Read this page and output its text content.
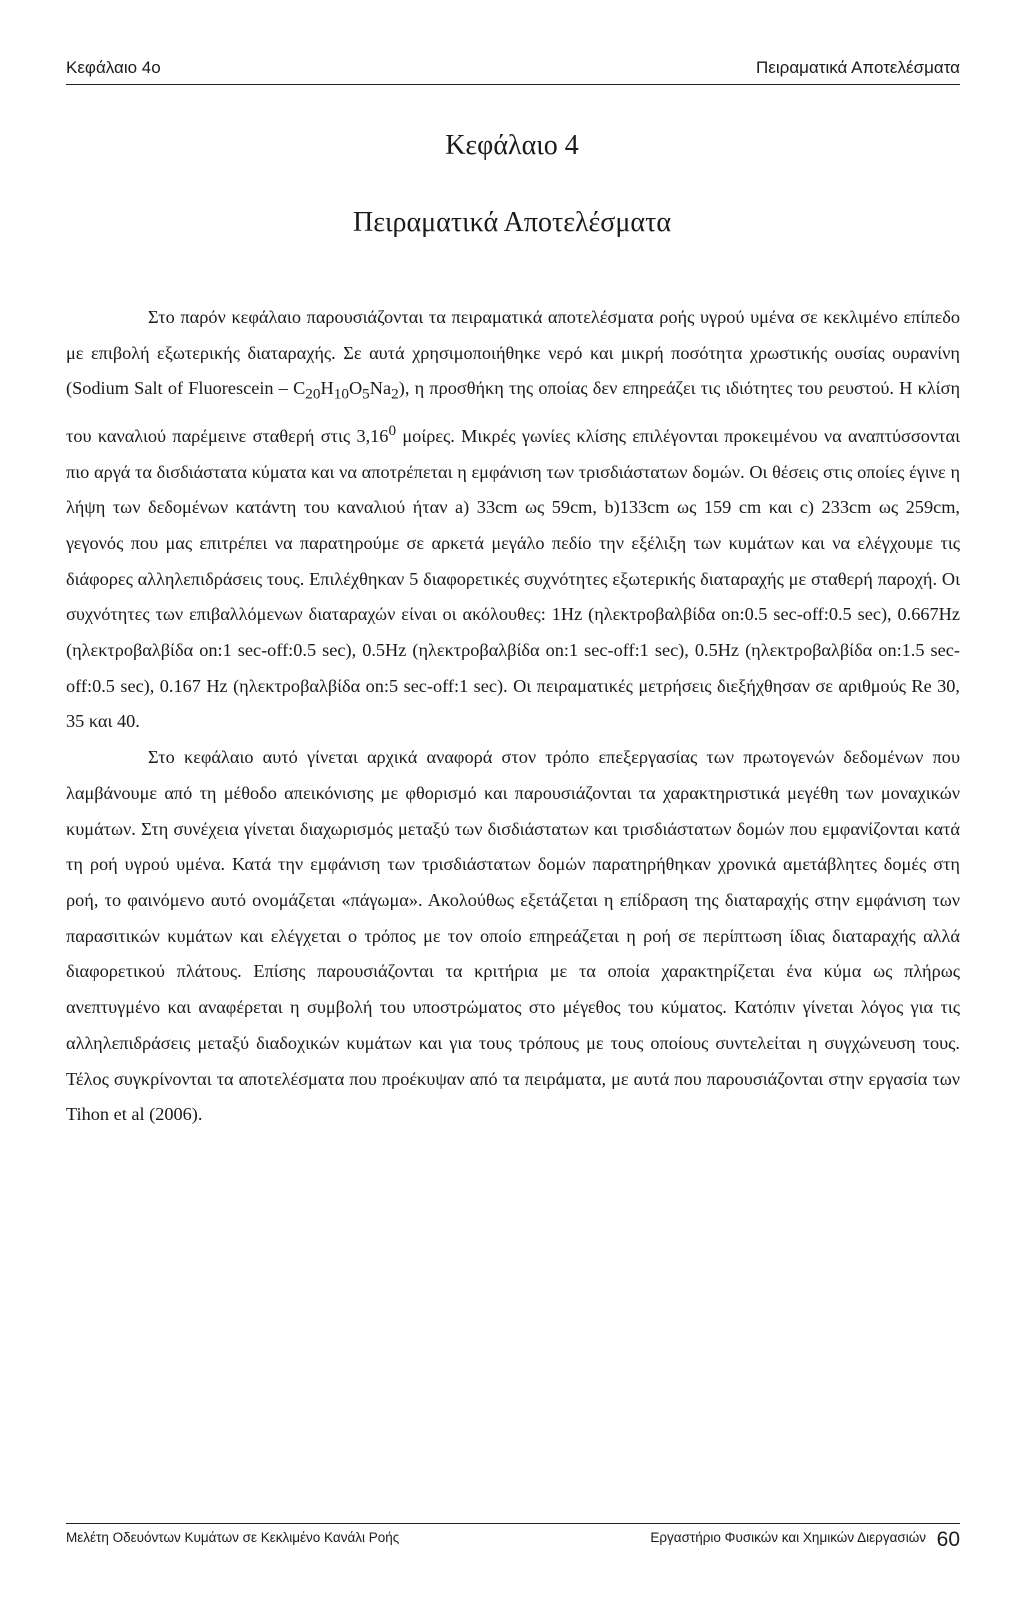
Κεφάλαιο 4ο	Πειραματικά Αποτελέσματα
Κεφάλαιο 4
Πειραματικά Αποτελέσματα

Στο παρόν κεφάλαιο παρουσιάζονται τα πειραματικά αποτελέσματα ροής υγρού υμένα σε κεκλιμένο επίπεδο με επιβολή εξωτερικής διαταραχής. Σε αυτά χρησιμοποιήθηκε νερό και μικρή ποσότητα χρωστικής ουσίας ουρανίνη (Sodium Salt of Fluorescein – $C_{20}H_{10}O_5Na_2$), η προσθήκη της οποίας δεν επηρεάζει τις ιδιότητες του ρευστού. Η κλίση του καναλιού παρέμεινε σταθερή στις 3,16$^0$ μοίρες. Μικρές γωνίες κλίσης επιλέγονται προκειμένου να αναπτύσσονται πιο αργά τα δισδιάστατα κύματα και να αποτρέπεται η εμφάνιση των τρισδιάστατων δομών. Οι θέσεις στις οποίες έγινε η λήψη των δεδομένων κατάντη του καναλιού ήταν a) 33cm ως 59cm, b)133cm ως 159 cm και c) 233cm ως 259cm, γεγονός που μας επιτρέπει να παρατηρούμε σε αρκετά μεγάλο πεδίο την εξέλιξη των κυμάτων και να ελέγχουμε τις διάφορες αλληλεπιδράσεις τους. Επιλέχθηκαν 5 διαφορετικές συχνότητες εξωτερικής διαταραχής με σταθερή παροχή. Οι συχνότητες των επιβαλλόμενων διαταραχών είναι οι ακόλουθες: 1Hz (ηλεκτροβαλβίδα on:0.5 sec-off:0.5 sec), 0.667Hz (ηλεκτροβαλβίδα on:1 sec-off:0.5 sec), 0.5Hz (ηλεκτροβαλβίδα on:1 sec-off:1 sec), 0.5Hz (ηλεκτροβαλβίδα on:1.5 sec-off:0.5 sec), 0.167 Hz (ηλεκτροβαλβίδα on:5 sec-off:1 sec). Οι πειραματικές μετρήσεις διεξήχθησαν σε αριθμούς Re 30, 35 και 40.

Στο κεφάλαιο αυτό γίνεται αρχικά αναφορά στον τρόπο επεξεργασίας των πρωτογενών δεδομένων που λαμβάνουμε από τη μέθοδο απεικόνισης με φθορισμό και παρουσιάζονται τα χαρακτηριστικά μεγέθη των μοναχικών κυμάτων. Στη συνέχεια γίνεται διαχωρισμός μεταξύ των δισδιάστατων και τρισδιάστατων δομών που εμφανίζονται κατά τη ροή υγρού υμένα. Κατά την εμφάνιση των τρισδιάστατων δομών παρατηρήθηκαν χρονικά αμετάβλητες δομές στη ροή, το φαινόμενο αυτό ονομάζεται «πάγωμα». Ακολούθως εξετάζεται η επίδραση της διαταραχής στην εμφάνιση των παρασιτικών κυμάτων και ελέγχεται ο τρόπος με τον οποίο επηρεάζεται η ροή σε περίπτωση ίδιας διαταραχής αλλά διαφορετικού πλάτους. Επίσης παρουσιάζονται τα κριτήρια με τα οποία χαρακτηρίζεται ένα κύμα ως πλήρως ανεπτυγμένο και αναφέρεται η συμβολή του υποστρώματος στο μέγεθος του κύματος. Κατόπιν γίνεται λόγος για τις αλληλεπιδράσεις μεταξύ διαδοχικών κυμάτων και για τους τρόπους με τους οποίους συντελείται η συγχώνευση τους. Τέλος συγκρίνονται τα αποτελέσματα που προέκυψαν από τα πειράματα, με αυτά που παρουσιάζονται στην εργασία των Tihon et al (2006).

Μελέτη Οδευόντων Κυμάτων σε Κεκλιμένο Κανάλι Ροής	Εργαστήριο Φυσικών και Χημικών Διεργασιών 60
